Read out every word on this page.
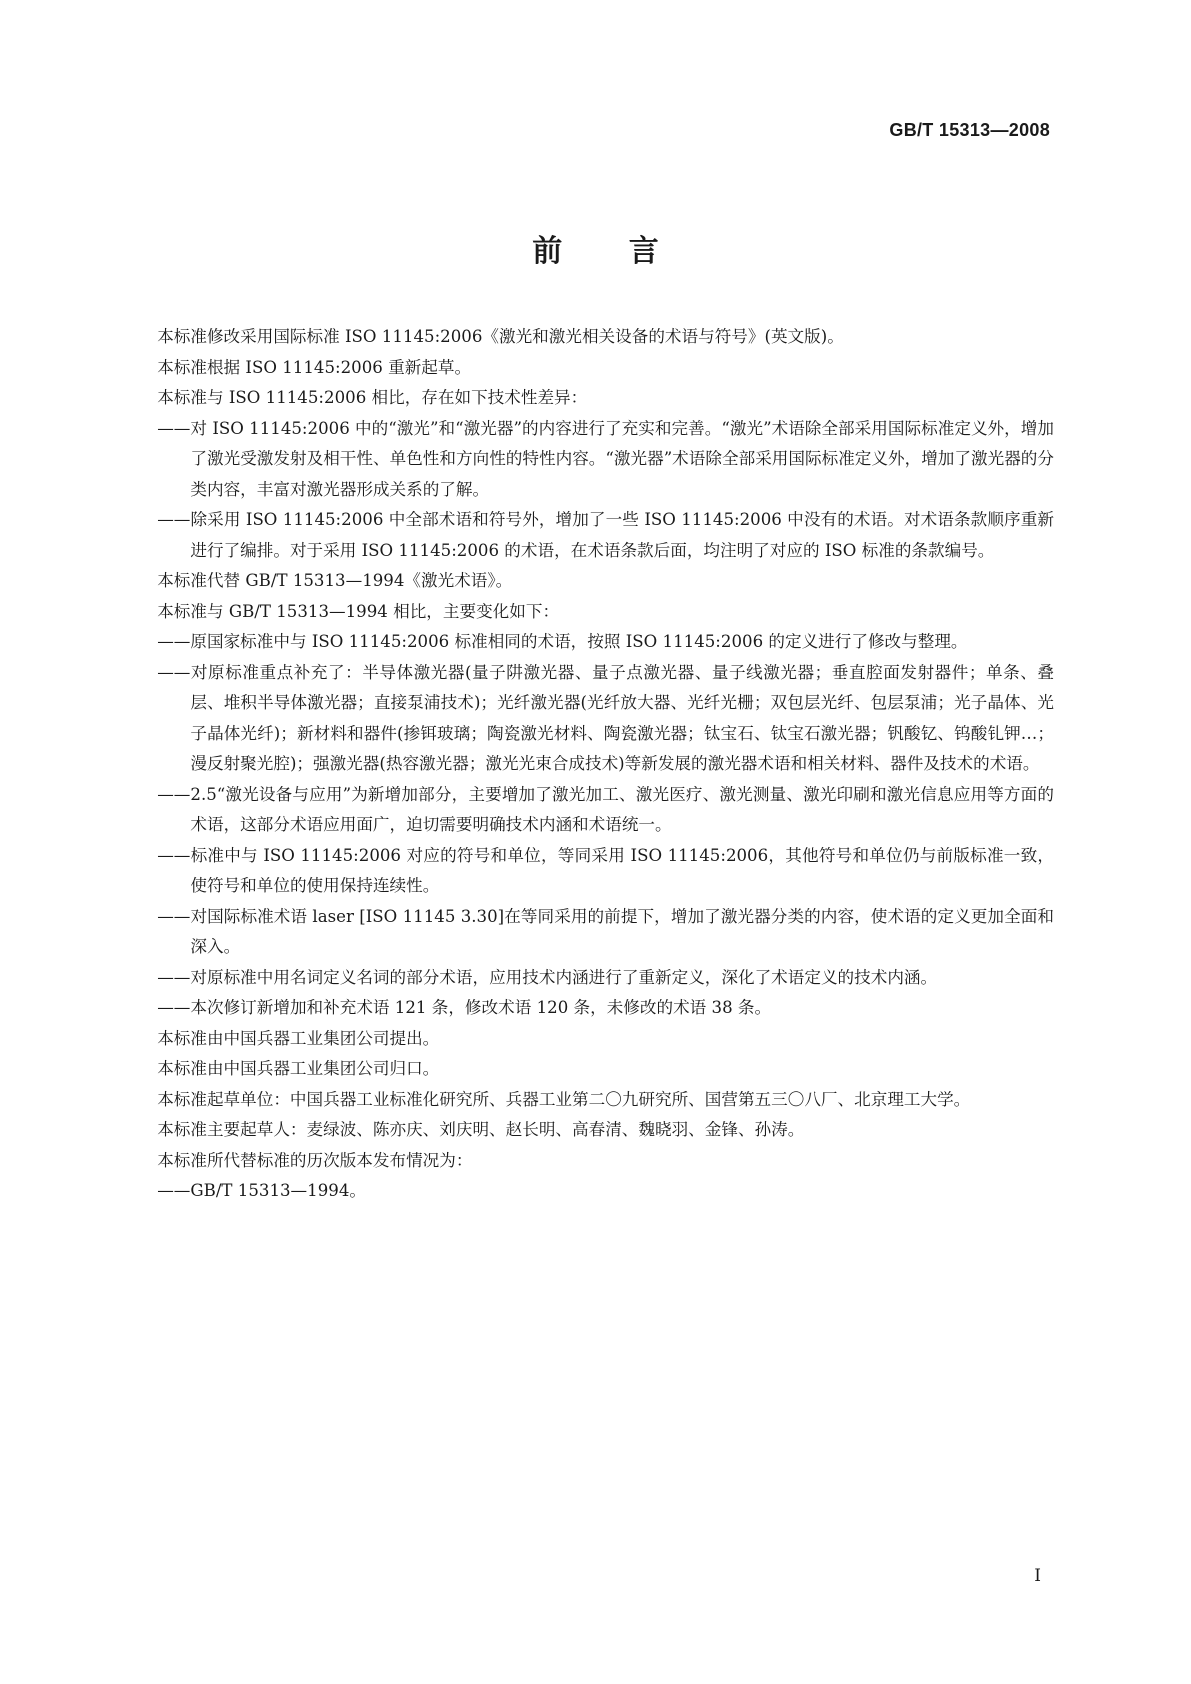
GB/T 15313—2008
前 言

本标准修改采用国际标准 ISO 11145:2006《激光和激光相关设备的术语与符号》(英文版)。

本标准根据 ISO 11145:2006 重新起草。

本标准与 ISO 11145:2006 相比，存在如下技术性差异：

——对 ISO 11145:2006 中的“激光”和“激光器”的内容进行了充实和完善。“激光”术语除全部采用国际标准定义外，增加了激光受激发射及相干性、单色性和方向性的特性内容。“激光器”术语除全部采用国际标准定义外，增加了激光器的分类内容，丰富对激光器形成关系的了解。

——除采用 ISO 11145:2006 中全部术语和符号外，增加了一些 ISO 11145:2006 中没有的术语。对术语条款顺序重新进行了编排。对于采用 ISO 11145:2006 的术语，在术语条款后面，均注明了对应的 ISO 标准的条款编号。

本标准代替 GB/T 15313—1994《激光术语》。

本标准与 GB/T 15313—1994 相比，主要变化如下：

——原国家标准中与 ISO 11145:2006 标准相同的术语，按照 ISO 11145:2006 的定义进行了修改与整理。

——对原标准重点补充了：半导体激光器(量子阱激光器、量子点激光器、量子线激光器；垂直腔面发射器件；单条、叠层、堆积半导体激光器；直接泵浦技术)；光纤激光器(光纤放大器、光纤光栅；双包层光纤、包层泵浦；光子晶体、光子晶体光纤)；新材料和器件(掺铒玻璃；陶瓷激光材料、陶瓷激光器；钛宝石、钛宝石激光器；钒酸钇、钨酸钆钾…；漫反射聚光腔)；强激光器(热容激光器；激光光束合成技术)等新发展的激光器术语和相关材料、器件及技术的术语。

——2.5“激光设备与应用”为新增加部分，主要增加了激光加工、激光医疗、激光测量、激光印刷和激光信息应用等方面的术语，这部分术语应用面广，迫切需要明确技术内涵和术语统一。

——标准中与 ISO 11145:2006 对应的符号和单位，等同采用 ISO 11145:2006，其他符号和单位仍与前版标准一致，使符号和单位的使用保持连续性。

——对国际标准术语 laser [ISO 11145 3.30]在等同采用的前提下，增加了激光器分类的内容，使术语的定义更加全面和深入。

——对原标准中用名词定义名词的部分术语，应用技术内涵进行了重新定义，深化了术语定义的技术内涵。

——本次修订新增加和补充术语 121 条，修改术语 120 条，未修改的术语 38 条。

本标准由中国兵器工业集团公司提出。

本标准由中国兵器工业集团公司归口。

本标准起草单位：中国兵器工业标准化研究所、兵器工业第二〇九研究所、国营第五三〇八厂、北京理工大学。

本标准主要起草人：麦绿波、陈亦庆、刘庆明、赵长明、高春清、魏晓羽、金锋、孙涛。

本标准所代替标准的历次版本发布情况为：

——GB/T 15313—1994。

I
